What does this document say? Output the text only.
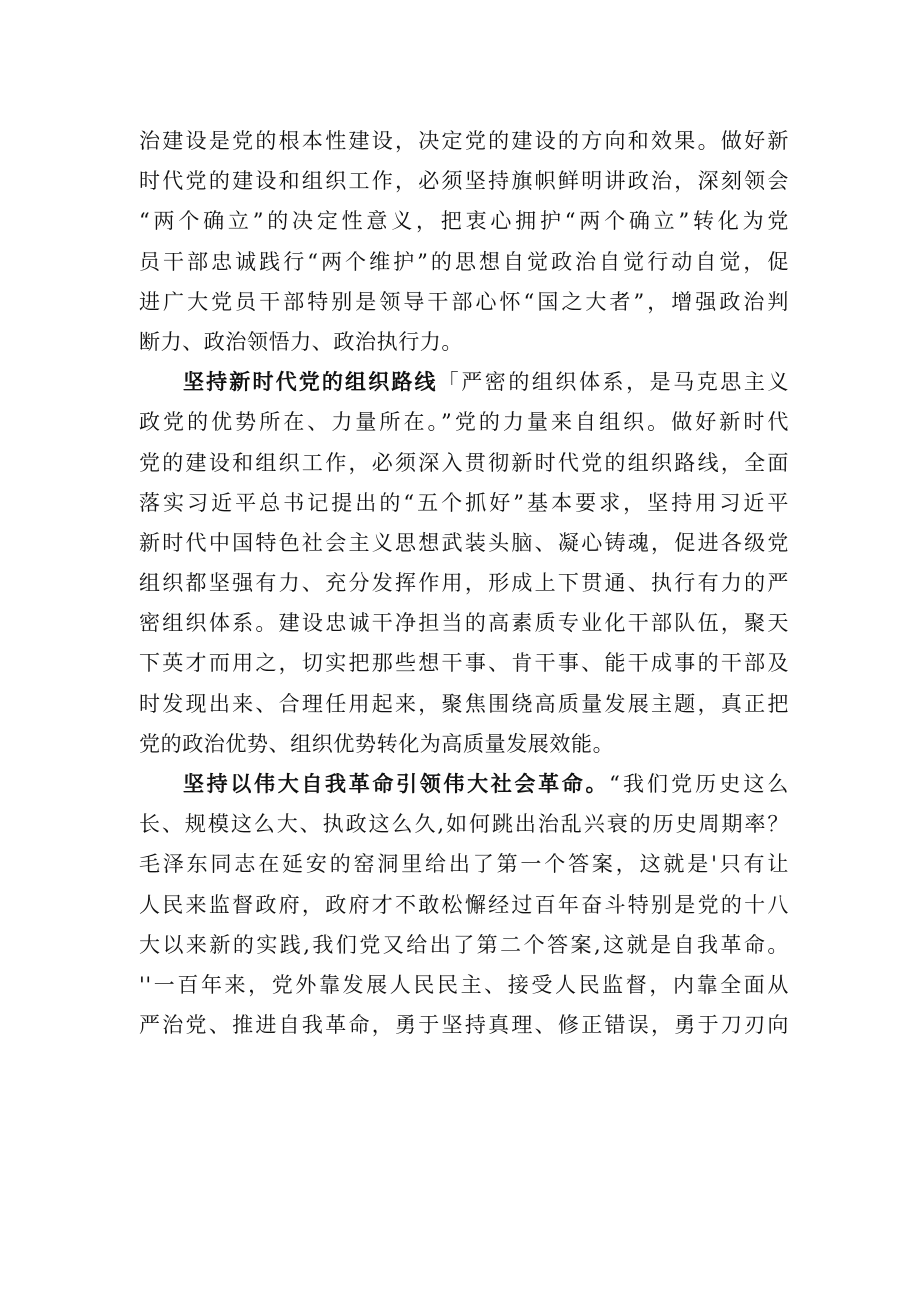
治建设是党的根本性建设，决定党的建设的方向和效果。做好新
时代党的建设和组织工作，必须坚持旗帜鲜明讲政治，深刻领会
“两个确立”的决定性意义，把衷心拥护“两个确立”转化为党
员干部忠诚践行“两个维护”的思想自觉政治自觉行动自觉，促
进广大党员干部特别是领导干部心怀“国之大者”，增强政治判
断力、政治领悟力、政治执行力。
坚持新时代党的组织路线「严密的组织体系，是马克思主义
政党的优势所在、力量所在。”党的力量来自组织。做好新时代
党的建设和组织工作，必须深入贯彻新时代党的组织路线，全面
落实习近平总书记提出的“五个抓好”基本要求，坚持用习近平
新时代中国特色社会主义思想武装头脑、凝心铸魂，促进各级党
组织都坚强有力、充分发挥作用，形成上下贯通、执行有力的严
密组织体系。建设忠诚干净担当的高素质专业化干部队伍，聚天
下英才而用之，切实把那些想干事、肯干事、能干成事的干部及
时发现出来、合理任用起来，聚焦围绕高质量发展主题，真正把
党的政治优势、组织优势转化为高质量发展效能。
坚持以伟大自我革命引领伟大社会革命。“我们党历史这么
长、规模这么大、执政这么久,如何跳出治乱兴衰的历史周期率？
毛泽东同志在延安的窑洞里给出了第一个答案，这就是'只有让
人民来监督政府，政府才不敢松懈经过百年奋斗特别是党的十八
大以来新的实践,我们党又给出了第二个答案,这就是自我革命。
''一百年来，党外靠发展人民民主、接受人民监督，内靠全面从
严治党、推进自我革命，勇于坚持真理、修正错误，勇于刀刃向
